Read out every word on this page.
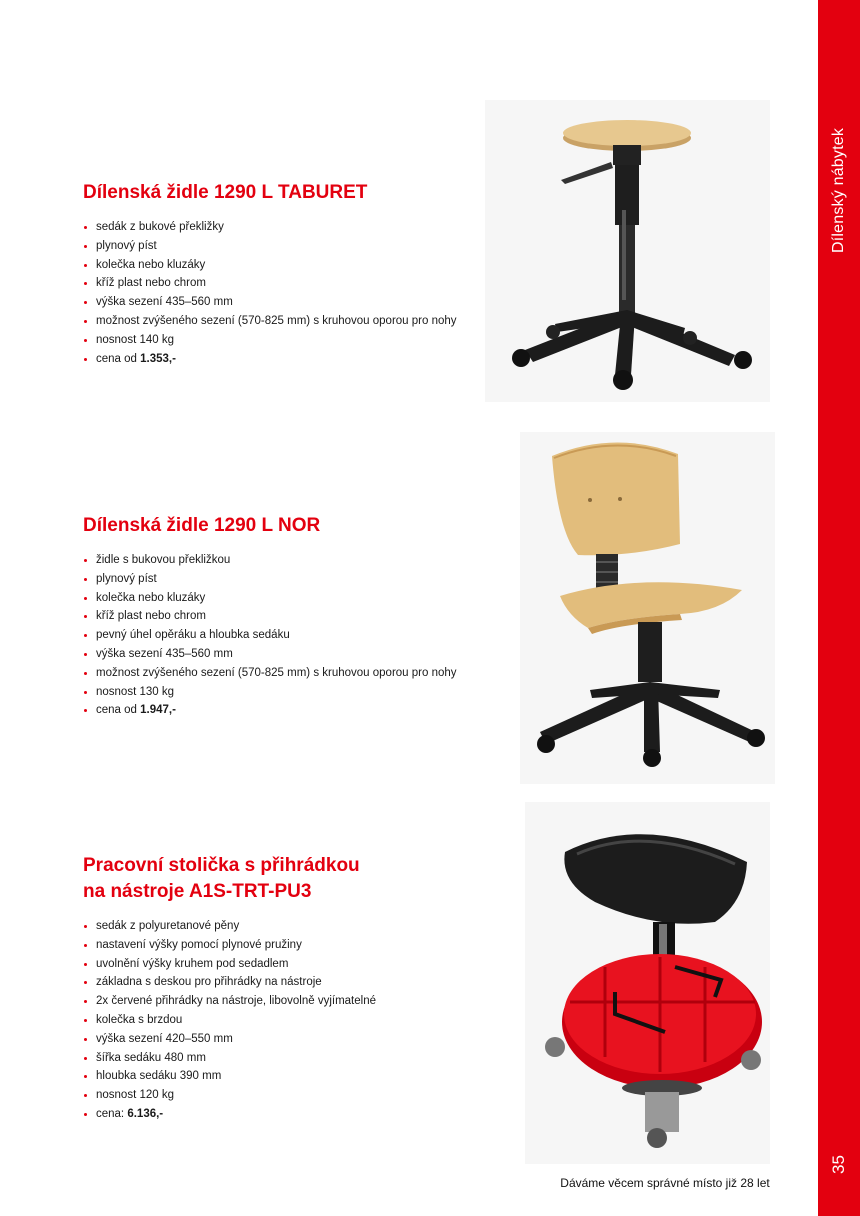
Dílenský nábytek
35
Dílenská židle 1290 L TABURET
sedák z bukové překližky
plynový píst
kolečka nebo kluzáky
kříž plast nebo chrom
výška sezení 435–560 mm
možnost zvýšeného sezení (570-825 mm) s kruhovou oporou pro nohy
nosnost 140 kg
cena od 1.353,-
Dílenská židle 1290 L NOR
židle s bukovou překližkou
plynový píst
kolečka nebo kluzáky
kříž plast nebo chrom
pevný úhel opěráku a hloubka sedáku
výška sezení 435–560 mm
možnost zvýšeného sezení (570-825 mm) s kruhovou oporou pro nohy
nosnost 130 kg
cena od 1.947,-
Pracovní stolička s přihrádkou
na nástroje A1S-TRT-PU3
sedák z polyuretanové pěny
nastavení výšky pomocí plynové pružiny
uvolnění výšky kruhem pod sedadlem
základna s deskou pro přihrádky na nástroje
2x červené přihrádky na nástroje, libovolně vyjímatelné
kolečka s brzdou
výška sezení 420–550 mm
šířka sedáku 480 mm
hloubka sedáku 390 mm
nosnost 120 kg
cena: 6.136,-
Dáváme věcem správné místo již 28 let
